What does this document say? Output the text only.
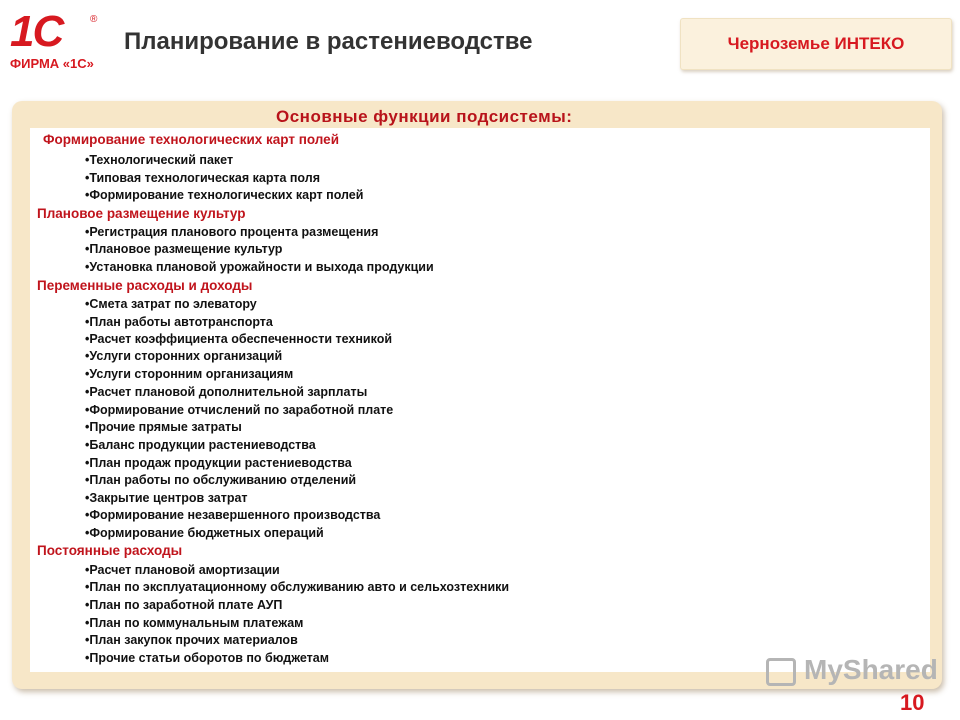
1С	®
ФИРМА «1С»
Планирование в растениеводстве	Черноземье ИНТЕКО
Основные функции подсистемы:
Формирование технологических карт полей
•Технологический пакет
•Типовая технологическая карта поля
•Формирование технологических карт полей
Плановое размещение культур
•Регистрация планового процента размещения
•Плановое размещение культур
•Установка плановой урожайности и выхода продукции
Переменные расходы и доходы
•Смета затрат по элеватору
•План работы автотранспорта
•Расчет коэффициента обеспеченности техникой
•Услуги сторонних организаций
•Услуги сторонним организациям
•Расчет плановой дополнительной зарплаты
•Формирование отчислений по заработной плате
•Прочие прямые затраты
•Баланс продукции растениеводства
•План продаж продукции растениеводства
•План работы по обслуживанию отделений
•Закрытие центров затрат
•Формирование незавершенного производства
•Формирование бюджетных операций
Постоянные расходы
•Расчет плановой амортизации
•План по эксплуатационному обслуживанию авто и сельхозтехники
•План по заработной плате АУП
•План по коммунальным платежам
•План закупок прочих материалов
•Прочие статьи оборотов по бюджетам	MyShared
10
